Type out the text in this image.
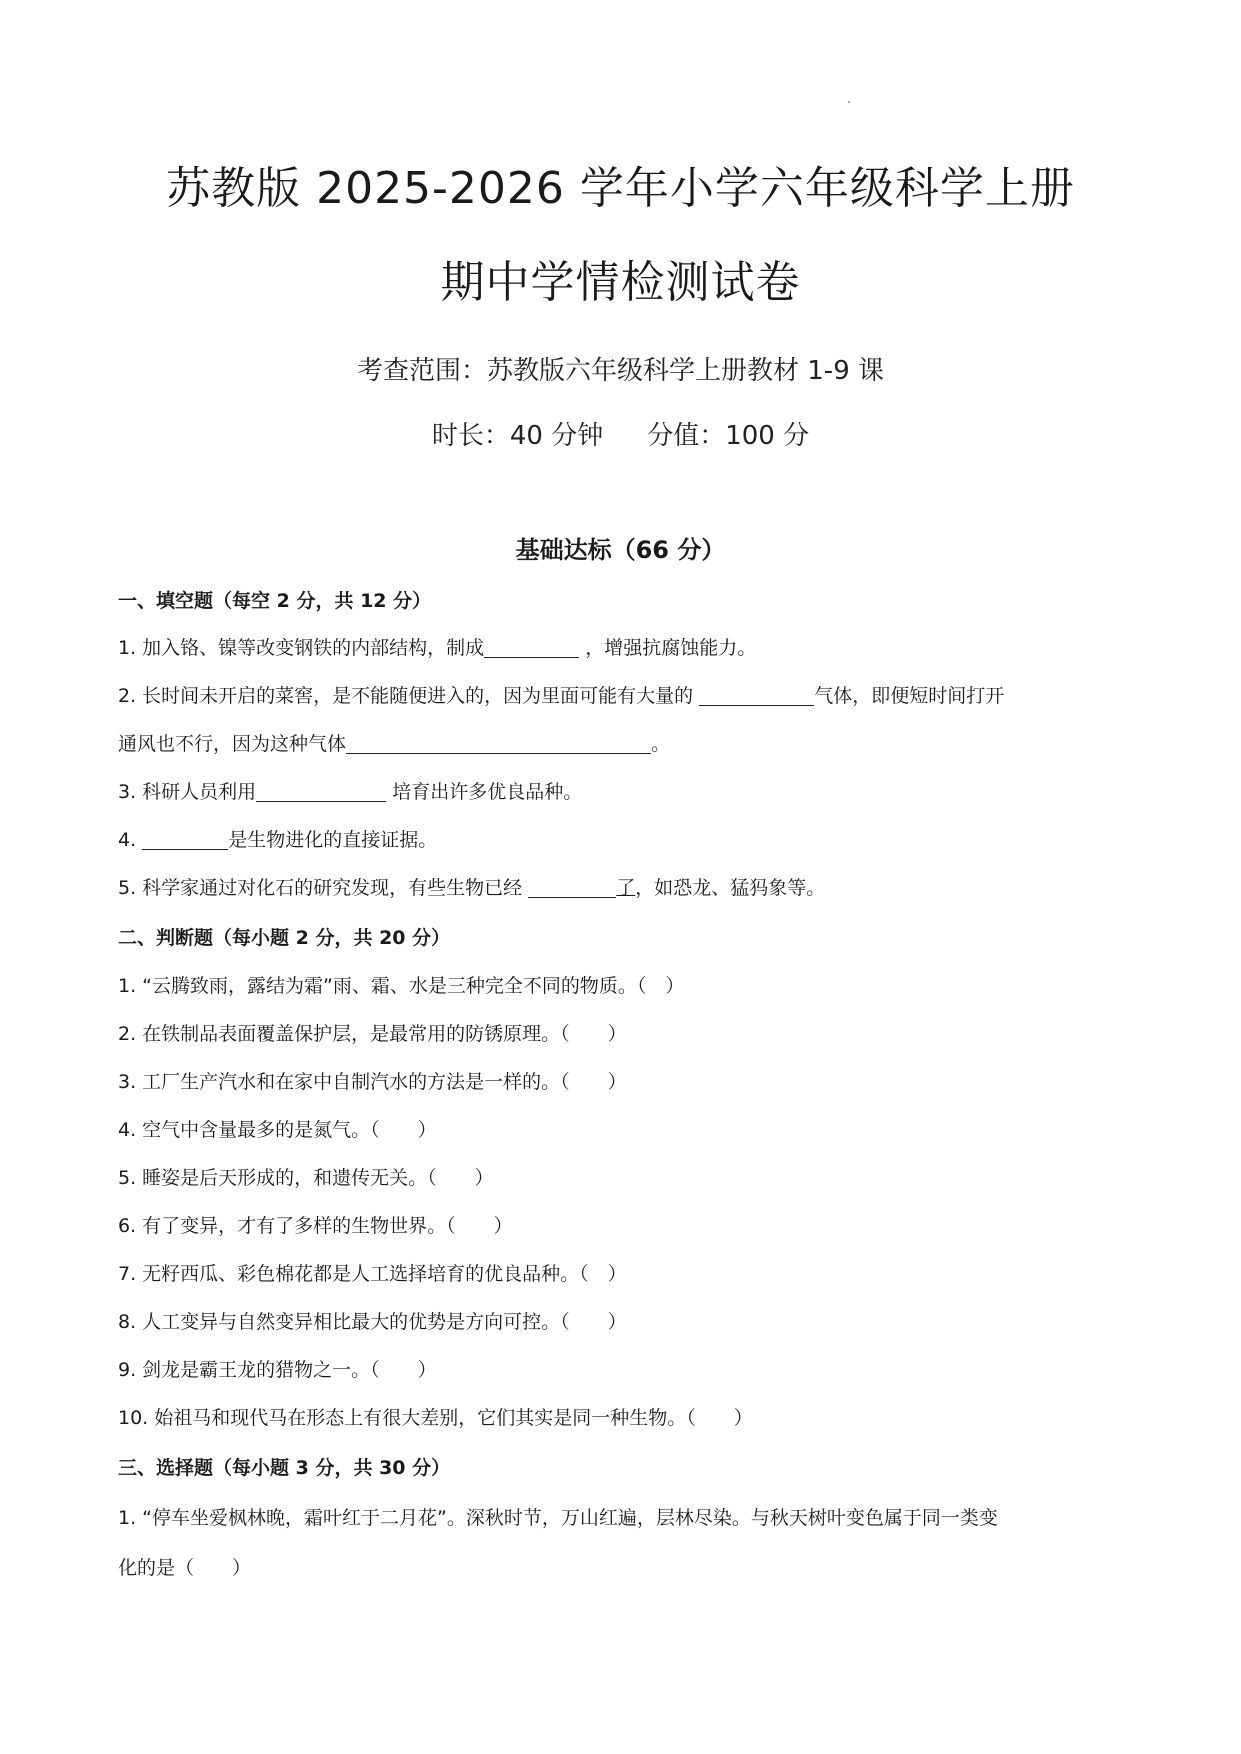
苏教版 2025-2026 学年小学六年级科学上册
期中学情检测试卷
考查范围：苏教版六年级科学上册教材 1-9 课
时长：40 分钟 分值：100 分
基础达标（66 分）
一、填空题（每空 2 分，共 12 分）
1. 加入铬、镍等改变钢铁的内部结构，制成	，增强抗腐蚀能力。
2. 长时间未开启的菜窖，是不能随便进入的，因为里面可能有大量的	气体，即便短时间打开
通风也不行，因为这种气体	。
3. 科研人员利用	培育出许多优良品种。
4.	是生物进化的直接证据。
5. 科学家通过对化石的研究发现，有些生物已经	了，如恐龙、猛犸象等。
二、判断题（每小题 2 分，共 20 分）
1. “云腾致雨，露结为霜”雨、霜、水是三种完全不同的物质。（　）
2. 在铁制品表面覆盖保护层，是最常用的防锈原理。（　　）
3. 工厂生产汽水和在家中自制汽水的方法是一样的。（　　）
4. 空气中含量最多的是氮气。（　　）
5. 睡姿是后天形成的，和遗传无关。（　　）
6. 有了变异，才有了多样的生物世界。（　　）
7. 无籽西瓜、彩色棉花都是人工选择培育的优良品种。（　）
8. 人工变异与自然变异相比最大的优势是方向可控。（　　）
9. 剑龙是霸王龙的猎物之一。（　　）
10. 始祖马和现代马在形态上有很大差别，它们其实是同一种生物。（　　）
三、选择题（每小题 3 分，共 30 分）
1. “停车坐爱枫林晚，霜叶红于二月花”。深秋时节，万山红遍，层林尽染。与秋天树叶变色属于同一类变
化的是（　　）
